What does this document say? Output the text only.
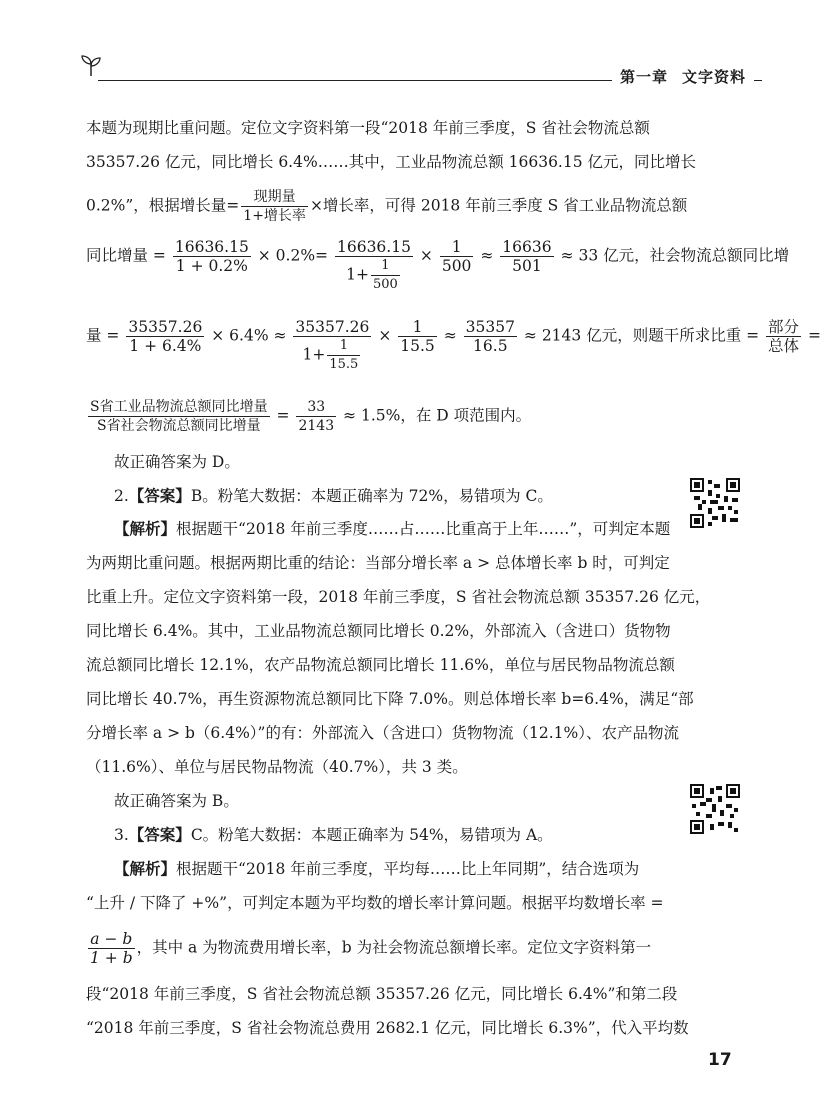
第一章 文字资料
本题为现期比重问题。定位文字资料第一段“2018 年前三季度，S 省社会物流总额
35357.26 亿元，同比增长 6.4%……其中，工业品物流总额 16636.15 亿元，同比增长
0.2%”，根据增长量= $\frac{\text{现期量}}{\text{1+增长率}}$ ×增长率，可得 2018 年前三季度 S 省工业品物流总额
同比增量 = $\frac{16636.15}{1 + 0.2\%} \times 0.2\%= \frac{16636.15}{1+ \frac{1}{500}} \times \frac{1}{500} \approx \frac{16636}{501} \approx 33$ 亿元，社会物流总额同比增
量 = $\frac{35357.26}{1 + 6.4\%} \times 6.4\% \approx \frac{35357.26}{1+ \frac{1}{15.5}} \times \frac{1}{15.5} \approx \frac{35357}{16.5} \approx 2143$ 亿元，则题干所求比重 = $\frac{\text{部分}}{\text{总体}}$ =
$\frac{\text{S省工业品物流总额同比增量}}{\text{S省社会物流总额同比增量}} = \frac{33}{2143} \approx 1.5\%$，在 D 项范围内。
故正确答案为 D。
2.【答案】B。粉笔大数据：本题正确率为 72%，易错项为 C。
【解析】根据题干“2018 年前三季度……占……比重高于上年……”，可判定本题
为两期比重问题。根据两期比重的结论：当部分增长率 a > 总体增长率 b 时，可判定
比重上升。定位文字资料第一段，2018 年前三季度，S 省社会物流总额 35357.26 亿元，
同比增长 6.4%。其中，工业品物流总额同比增长 0.2%，外部流入（含进口）货物物
流总额同比增长 12.1%，农产品物流总额同比增长 11.6%，单位与居民物品物流总额
同比增长 40.7%，再生资源物流总额同比下降 7.0%。则总体增长率 b=6.4%，满足“部
分增长率 a > b（6.4%）”的有：外部流入（含进口）货物物流（12.1%）、农产品物流
（11.6%）、单位与居民物品物流（40.7%），共 3 类。
故正确答案为 B。
3.【答案】C。粉笔大数据：本题正确率为 54%，易错项为 A。
【解析】根据题干“2018 年前三季度，平均每……比上年同期”，结合选项为
“上升 / 下降了 +%”，可判定本题为平均数的增长率计算问题。根据平均数增长率 =
$\frac{a - b}{1 + b}$ ，其中 a 为物流费用增长率，b 为社会物流总额增长率。定位文字资料第一
段“2018 年前三季度，S 省社会物流总额 35357.26 亿元，同比增长 6.4%”和第二段
“2018 年前三季度，S 省社会物流总费用 2682.1 亿元，同比增长 6.3%”，代入平均数
17
